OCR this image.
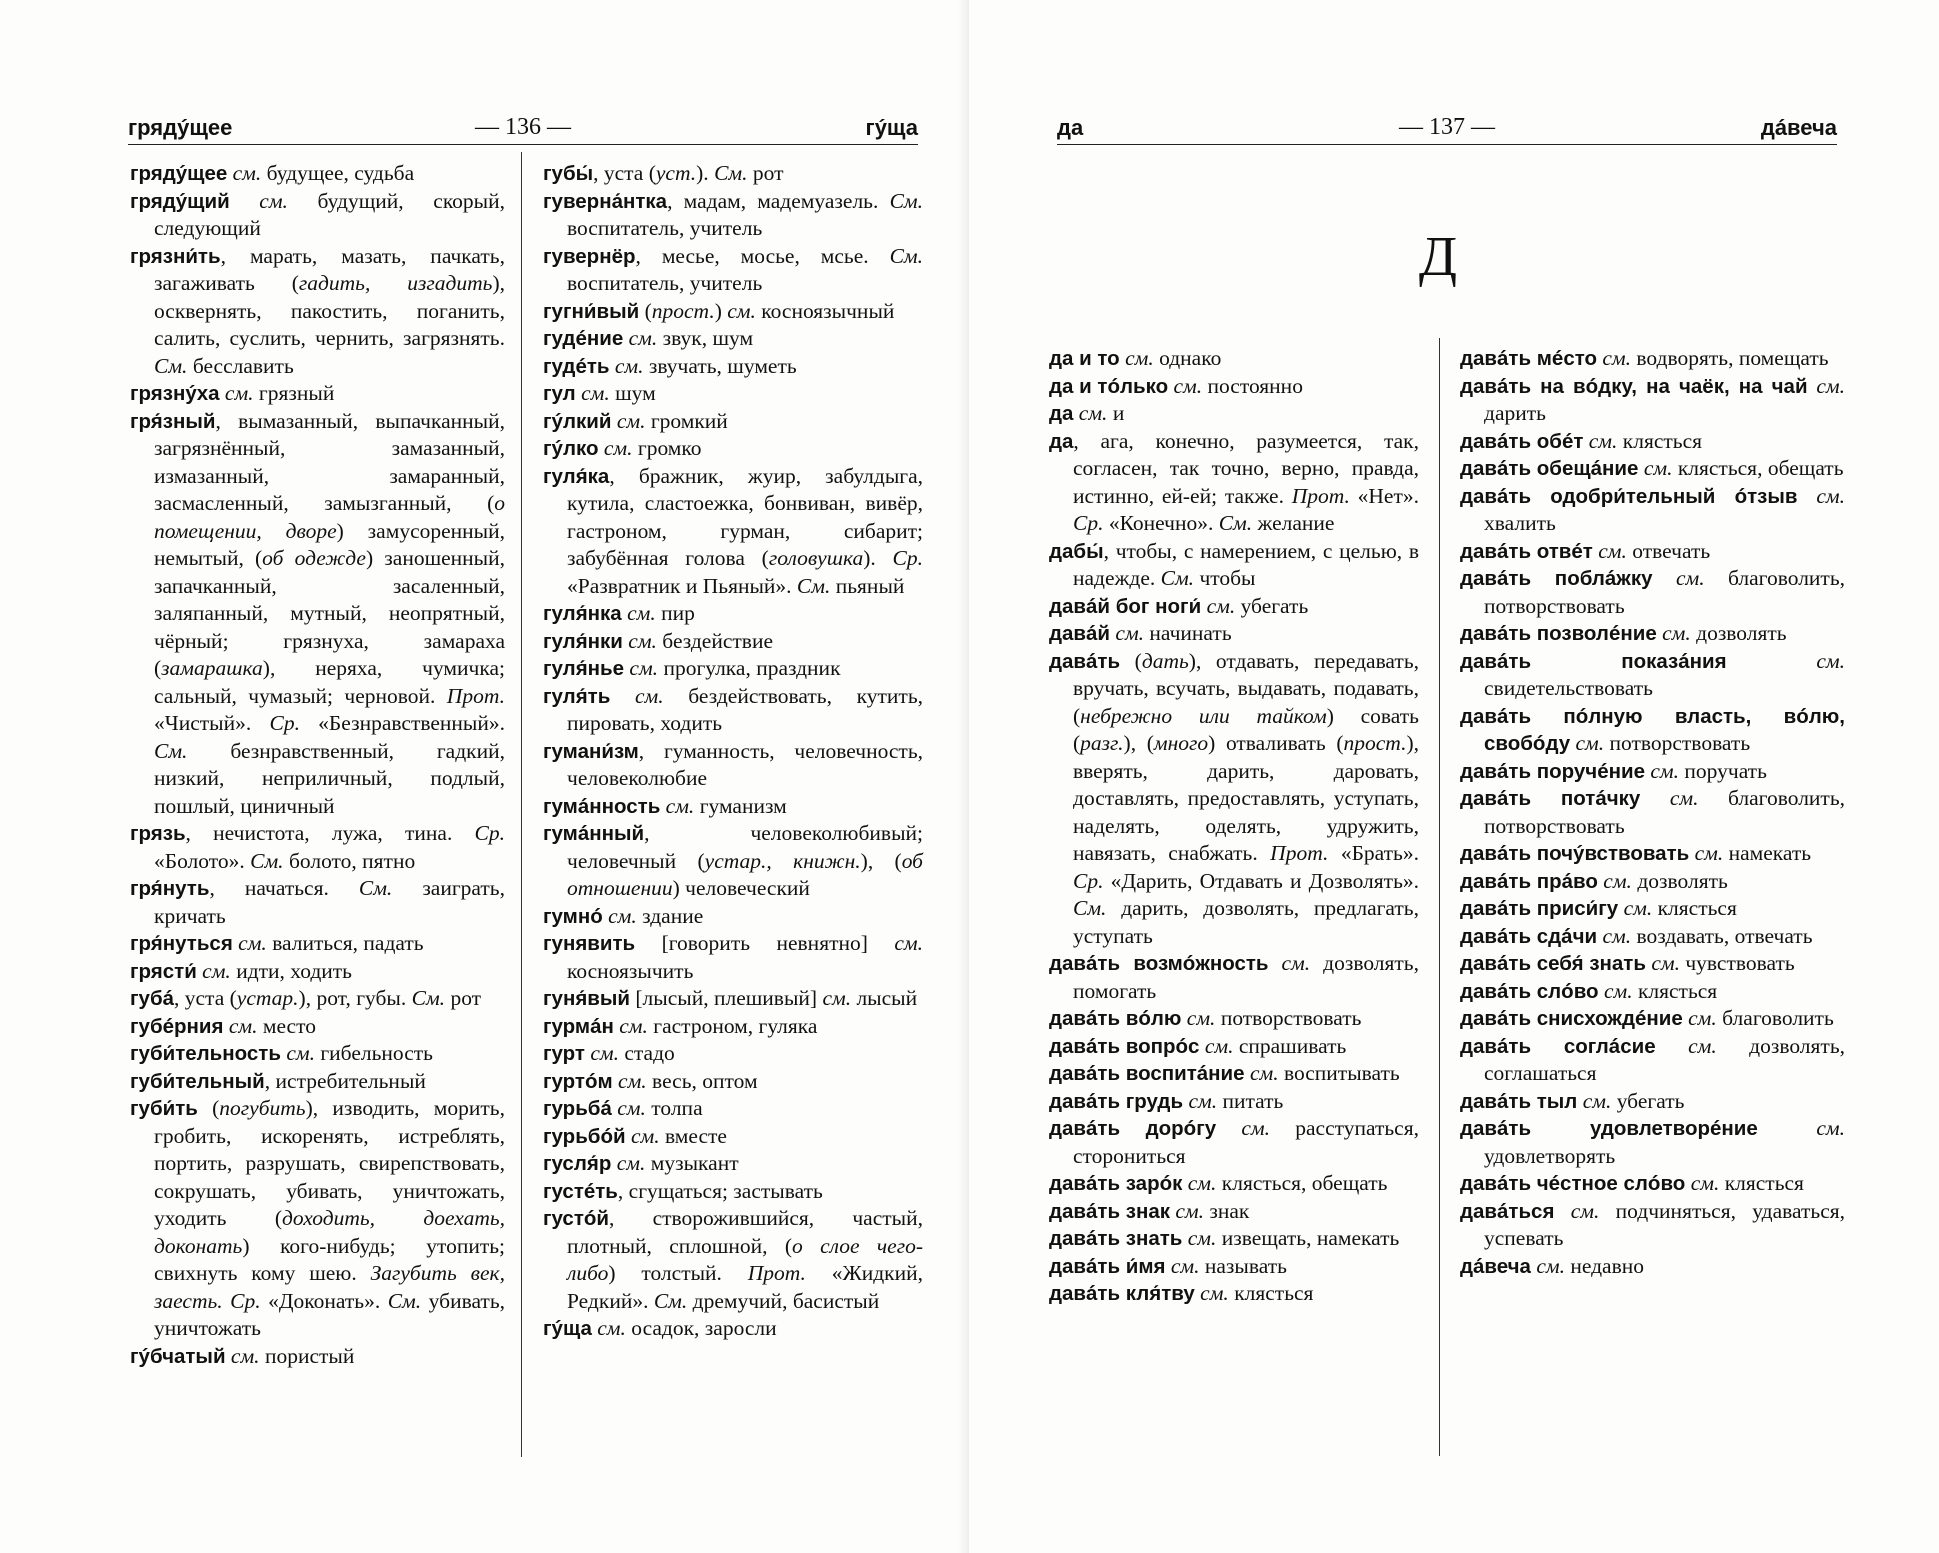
грядýщее	— 136 —	гýща
грядýщее см. будущее, судьба
грядýщий см. будущий, скорый, следующий
грязни́ть, марать, мазать, пачкать, загаживать (гадить, изгадить), осквернять, пакостить, поганить, салить, суслить, чернить, загрязнять. См. бесславить
грязнýха см. грязный
гря́зный, вымазанный, выпачканный, загрязнённый, замазанный, измазанный, замаранный, засмасленный, замызганный, (о помещении, дворе) замусоренный, немытый, (об одежде) заношенный, запачканный, засаленный, заляпанный, мутный, неопрятный, чёрный; грязнуха, замараха (замарашка), неряха, чумичка; сальный, чумазый; черновой. Прот. «Чистый». Ср. «Безнравственный». См. безнравственный, гадкий, низкий, неприличный, подлый, пошлый, циничный
грязь, нечистота, лужа, тина. Ср. «Болото». См. болото, пятно
гря́нуть, начаться. См. заиграть, кричать
гря́нуться см. валиться, падать
грясти́ см. идти, ходить
губá, уста (устар.), рот, губы. См. рот
губéрния см. место
губи́тельность см. гибельность
губи́тельный, истребительный
губи́ть (погубить), изводить, морить, гробить, искоренять, истреблять, портить, разрушать, свирепствовать, сокрушать, убивать, уничтожать, уходить (доходить, доехать, доконать) кого-нибудь; утопить; свихнуть кому шею. Загубить век, заесть. Ср. «Доконать». См. убивать, уничтожать
гýбчатый см. пористый
губы́, уста (уст.). См. рот
гуверна́нтка, мадам, мадемуазель. См. воспитатель, учитель
гувернёр, месье, мосье, мсье. См. воспитатель, учитель
гугни́вый (прост.) см. косноязычный
гудéние см. звук, шум
гудéть см. звучать, шуметь
гул см. шум
гýлкий см. громкий
гýлко см. громко
гуля́ка, бражник, жуир, забулдыга, кутила, сластоежка, бонвиван, вивёр, гастроном, гурман, сибарит; забубённая голова (головушка). Ср. «Развратник и Пьяный». См. пьяный
гуля́нка см. пир
гуля́нки см. бездействие
гуля́нье см. прогулка, праздник
гуля́ть см. бездействовать, кутить, пировать, ходить
гумани́зм, гуманность, человечность, человеколюбие
гумáнность см. гуманизм
гумáнный, человеколюбивый; человечный (устар., книжн.), (об отношении) человеческий
гумнó см. здание
гунявить [говорить невнятно] см. косноязычить
гуня́вый [лысый, плешивый] см. лысый
гурмáн см. гастроном, гуляка
гурт см. стадо
гуртóм см. весь, оптом
гурьбá см. толпа
гурьбóй см. вместе
гусля́р см. музыкант
густéть, сгущаться; застывать
густóй, створожившийся, частый, плотный, сплошной, (о слое чего-либо) толстый. Прот. «Жидкий, Редкий». См. дремучий, басистый
гýща см. осадок, заросли
да	— 137 —	дáвеча
Д
да и то см. однако
да и тóлько см. постоянно
да см. и
да, ага, конечно, разумеется, так, согласен, так точно, верно, правда, истинно, ей-ей; также. Прот. «Нет». Ср. «Конечно». См. желание
дабы́, чтобы, с намерением, с целью, в надежде. См. чтобы
давáй бог ноги́ см. убегать
давáй см. начинать
давáть (дать), отдавать, передавать, вручать, всучать, выдавать, подавать, (небрежно или тайком) совать (разг.), (много) отваливать (прост.), вверять, дарить, даровать, доставлять, предоставлять, уступать, наделять, оделять, удружить, навязать, снабжать. Прот. «Брать». Ср. «Дарить, Отдавать и Дозволять». См. дарить, дозволять, предлагать, уступать
давáть возмóжность см. дозволять, помогать
давáть вóлю см. потворствовать
давáть вопрóс см. спрашивать
давáть воспитáние см. воспитывать
давáть грудь см. питать
давáть дорóгу см. расступаться, сторониться
давáть зарóк см. клясться, обещать
давáть знак см. знак
давáть знать см. извещать, намекать
давáть и́мя см. называть
давáть кля́тву см. клясться
давáть мéсто см. водворять, помещать
давáть на вóдку, на чаёк, на чай см. дарить
давáть обéт см. клясться
давáть обещáние см. клясться, обещать
давáть одобри́тельный óтзыв см. хвалить
давáть отвéт см. отвечать
давáть поблáжку см. благоволить, потворствовать
давáть позволéние см. дозволять
давáть показáния	см. свидетельствовать
давáть пóлную власть, вóлю, свобóду см. потворствовать
давáть поручéние см. поручать
давáть потáчку см. благоволить, потворствовать
давáть почýвствовать см. намекать
давáть прáво см. дозволять
давáть приси́гу см. клясться
давáть сдáчи см. воздавать, отвечать
давáть себя́ знать см. чувствовать
давáть слóво см. клясться
давáть снисхождéние см. благоволить
давáть соглáсие см. дозволять, соглашаться
давáть тыл см. убегать
давáть удовлетворéние	см. удовлетворять
давáть чéстное слóво см. клясться
давáться см. подчиняться, удаваться, успевать
дáвеча см. недавно
